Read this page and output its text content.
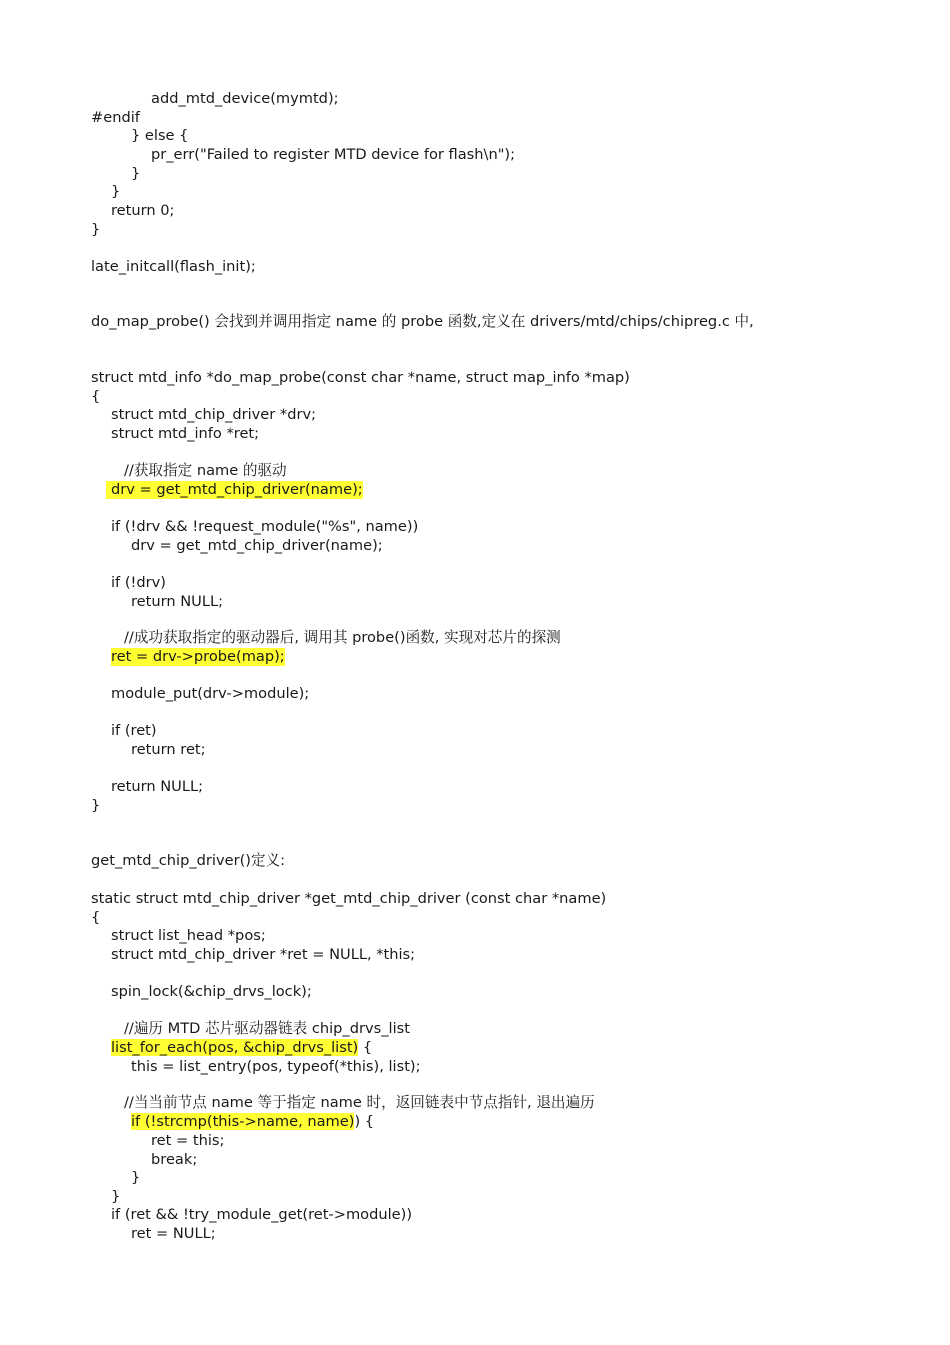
add_mtd_device(mymtd);
#endif
} else {
pr_err("Failed to register MTD device for flash\n");
}
}
return 0;
}
late_initcall(flash_init);
do_map_probe() 会找到并调用指定 name 的 probe 函数,定义在 drivers/mtd/chips/chipreg.c 中,
struct mtd_info *do_map_probe(const char *name, struct map_info *map)
{
struct mtd_chip_driver *drv;
struct mtd_info *ret;
//获取指定 name 的驱动
drv = get_mtd_chip_driver(name);
if (!drv && !request_module("%s", name))
drv = get_mtd_chip_driver(name);
if (!drv)
return NULL;
//成功获取指定的驱动器后, 调用其 probe()函数, 实现对芯片的探测
ret = drv->probe(map);
module_put(drv->module);
if (ret)
return ret;
return NULL;
}
get_mtd_chip_driver()定义:
static struct mtd_chip_driver *get_mtd_chip_driver (const char *name)
{
struct list_head *pos;
struct mtd_chip_driver *ret = NULL, *this;
spin_lock(&chip_drvs_lock);
//遍历 MTD 芯片驱动器链表 chip_drvs_list
list_for_each(pos, &chip_drvs_list) {
this = list_entry(pos, typeof(*this), list);
//当当前节点 name 等于指定 name 时，返回链表中节点指针, 退出遍历
if (!strcmp(this->name, name)) {
ret = this;
break;
}
}
if (ret && !try_module_get(ret->module))
ret = NULL;
